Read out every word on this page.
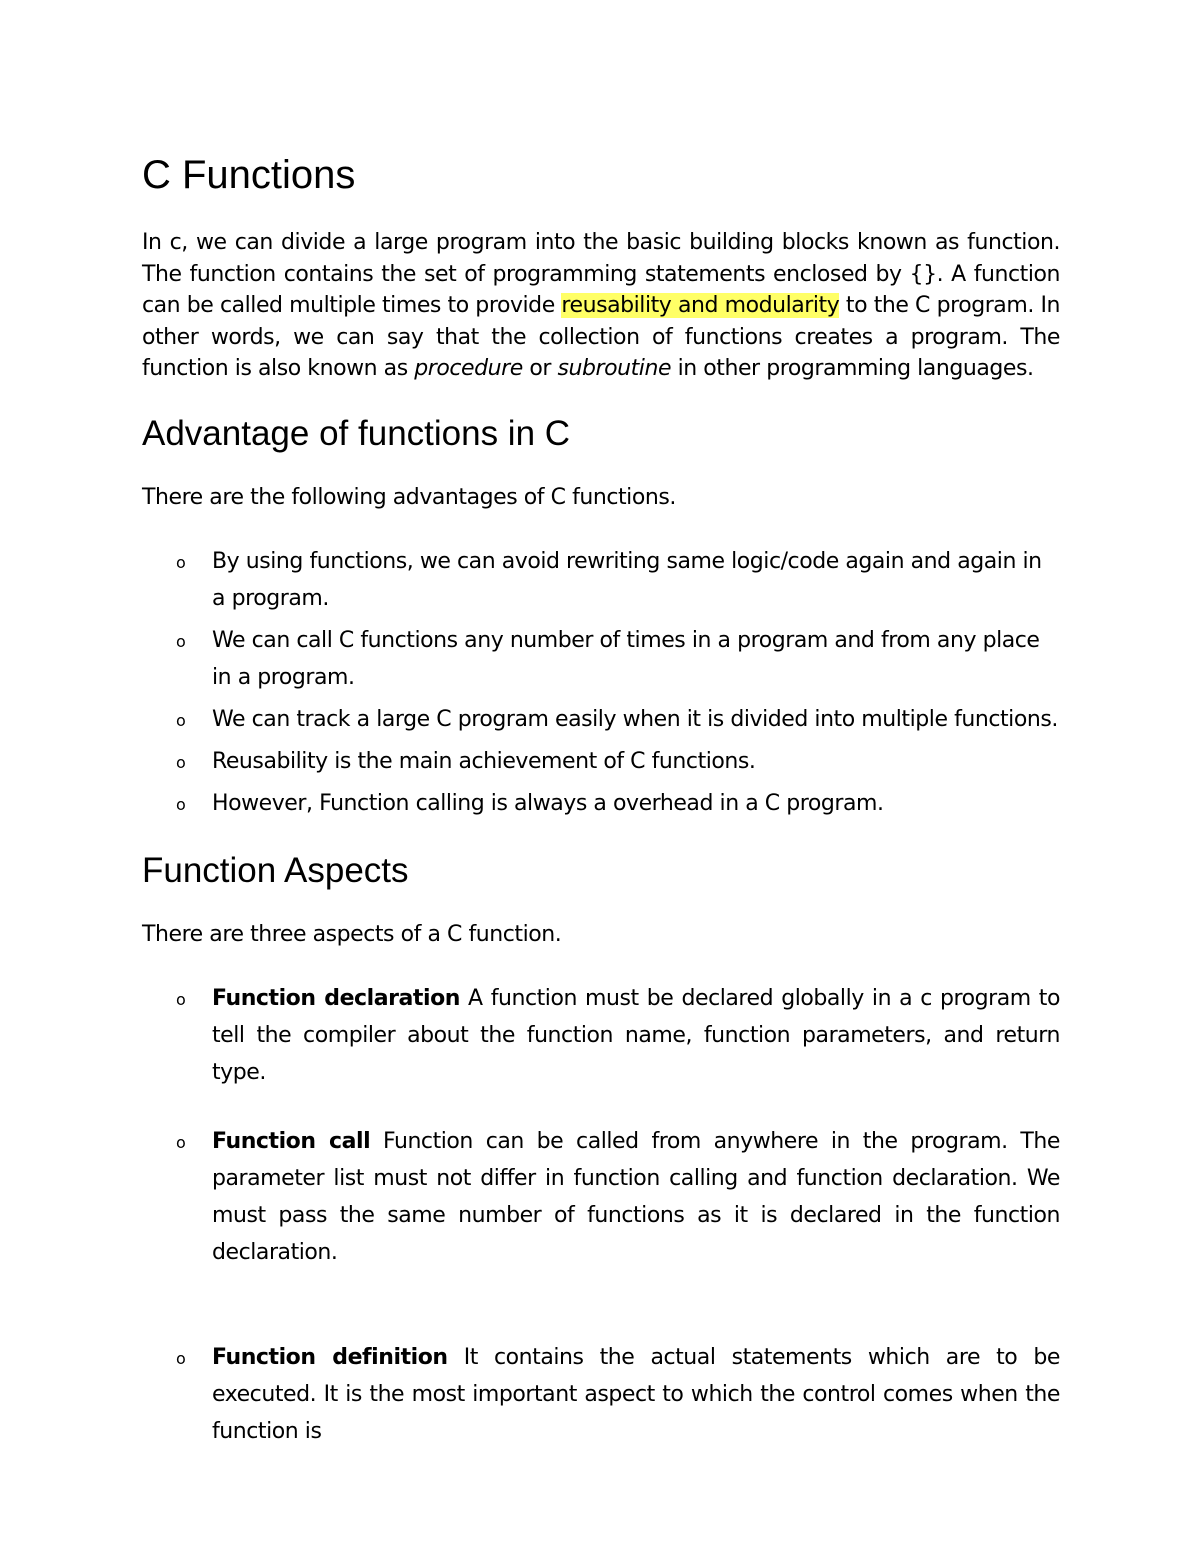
C Functions

In c, we can divide a large program into the basic building blocks known as function. The function contains the set of programming statements enclosed by {}. A function can be called multiple times to provide reusability and modularity to the C program. In other words, we can say that the collection of functions creates a program. The function is also known as procedure or subroutine in other programming languages.

Advantage of functions in C

There are the following advantages of C functions.

o By using functions, we can avoid rewriting same logic/code again and again in a program.
o We can call C functions any number of times in a program and from any place in a program.
o We can track a large C program easily when it is divided into multiple functions.
o Reusability is the main achievement of C functions.
o However, Function calling is always a overhead in a C program.
Function Aspects

There are three aspects of a C function.

o Function declaration A function must be declared globally in a c program to tell the compiler about the function name, function parameters, and return type.
o Function call Function can be called from anywhere in the program. The parameter list must not differ in function calling and function declaration. We must pass the same number of functions as it is declared in the function declaration.
o Function definition It contains the actual statements which are to be executed. It is the most important aspect to which the control comes when the function is
